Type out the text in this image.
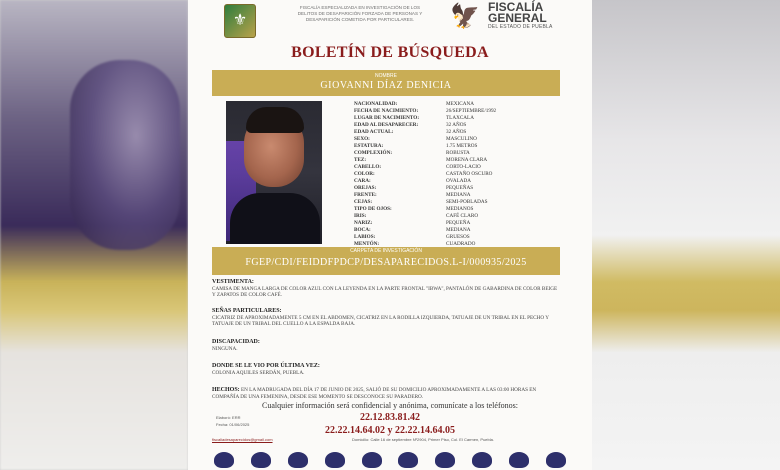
⚜
FISCALÍA ESPECIALIZADA EN INVESTIGACIÓN DE LOS DELITOS DE DESAPARICIÓN FORZADA DE PERSONAS Y DESAPARICIÓN COMETIDA POR PARTICULARES.	🦅 FISCALÍA
GENERAL
DEL ESTADO DE PUEBLA
BOLETÍN DE BÚSQUEDA
NOMBRE
GIOVANNI DÍAZ DENICIA
NACIONALIDAD:	MEXICANA
FECHA DE NACIMIENTO:	26/SEPTIEMBRE/1992
LUGAR DE NACIMIENTO:	TLAXCALA
EDAD AL DESAPARECER:	32 AÑOS
EDAD ACTUAL:	32 AÑOS
SEXO:	MASCULINO
ESTATURA:	1.75 METROS
COMPLEXIÓN:	ROBUSTA
TEZ:	MORENA CLARA
CABELLO:	CORTO-LACIO
COLOR:	CASTAÑO OSCURO
CARA:	OVALADA
OREJAS:	PEQUEÑAS
FRENTE:	MEDIANA
CEJAS:	SEMI-POBLADAS
TIPO DE OJOS:	MEDIANOS
IRIS:	CAFÉ CLARO
NARIZ:	PEQUEÑA
BOCA:	MEDIANA
LABIOS:	GRUESOS
MENTÓN:	CUADRADO
CARPETA DE INVESTIGACIÓN
FGEP/CDI/FEIDDFPDCP/DESAPARECIDOS.L-I/000935/2025
VESTIMENTA:
CAMISA DE MANGA LARGA DE COLOR AZUL CON LA LEYENDA EN LA PARTE FRONTAL "IBWA", PANTALÓN DE GABARDINA DE COLOR BEIGE Y ZAPATOS DE COLOR CAFÉ.
SEÑAS PARTICULARES:
CICATRIZ DE APROXIMADAMENTE 5 CM EN EL ABDOMEN, CICATRIZ EN LA RODILLA IZQUIERDA, TATUAJE DE UN TRIBAL EN EL PECHO Y TATUAJE DE UN TRIBAL DEL CUELLO A LA ESPALDA BAJA.
DISCAPACIDAD:
NINGUNA.
DONDE SE LE VIO POR ÚLTIMA VEZ:
COLONIA AQUILES SERDÁN, PUEBLA.
HECHOS: EN LA MADRUGADA DEL DÍA 17 DE JUNIO DE 2025, SALIÓ DE SU DOMICILIO APROXIMADAMENTE A LAS 03:00 HORAS EN COMPAÑÍA DE UNA FEMENINA, DESDE ESE MOMENTO SE DESCONOCE SU PARADERO.
Cualquier información será confidencial y anónima, comunícate a los teléfonos:
22.12.83.81.42
22.22.14.64.02 y 22.22.14.64.05
Elaboró: ERR
Fecha: 01/06/2025
fiscaliadesaparecidos@gmail.com	Domicilio: Calle 16 de septiembre Nº2904, Primer Piso, Col. El Carmen, Puebla.
